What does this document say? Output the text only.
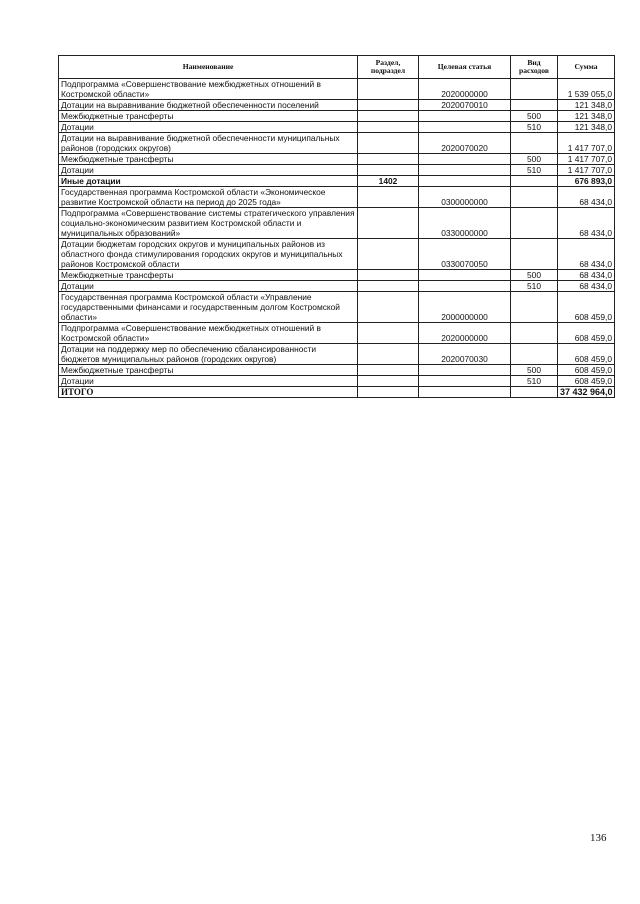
Наименование	Раздел, подраздел	Целевая статья	Вид расходов	Сумма
Подпрограмма «Совершенствование межбюджетных отношений в Костромской области»		2020000000		1 539 055,0
Дотации на выравнивание бюджетной обеспеченности поселений		2020070010		121 348,0
Межбюджетные трансферты			500	121 348,0
Дотации			510	121 348,0
Дотации на выравнивание бюджетной обеспеченности муниципальных районов (городских округов)		2020070020		1 417 707,0
Межбюджетные трансферты			500	1 417 707,0
Дотации			510	1 417 707,0
Иные дотации	1402			676 893,0
Государственная программа Костромской области «Экономическое развитие Костромской области на период до 2025 года»		0300000000		68 434,0
Подпрограмма «Совершенствование системы стратегического управления социально-экономическим развитием Костромской области и муниципальных образований»		0330000000		68 434,0
Дотации бюджетам городских округов и муниципальных районов из областного фонда стимулирования городских округов и муниципальных районов Костромской области		0330070050		68 434,0
Межбюджетные трансферты			500	68 434,0
Дотации			510	68 434,0
Государственная программа Костромской области «Управление государственными финансами и государственным долгом Костромской области»		2000000000		608 459,0
Подпрограмма «Совершенствование межбюджетных отношений в Костромской области»		2020000000		608 459,0
Дотации на поддержку мер по обеспечению сбалансированности бюджетов муниципальных районов (городских округов)		2020070030		608 459,0
Межбюджетные трансферты			500	608 459,0
Дотации			510	608 459,0
ИТОГО				37 432 964,0
136
